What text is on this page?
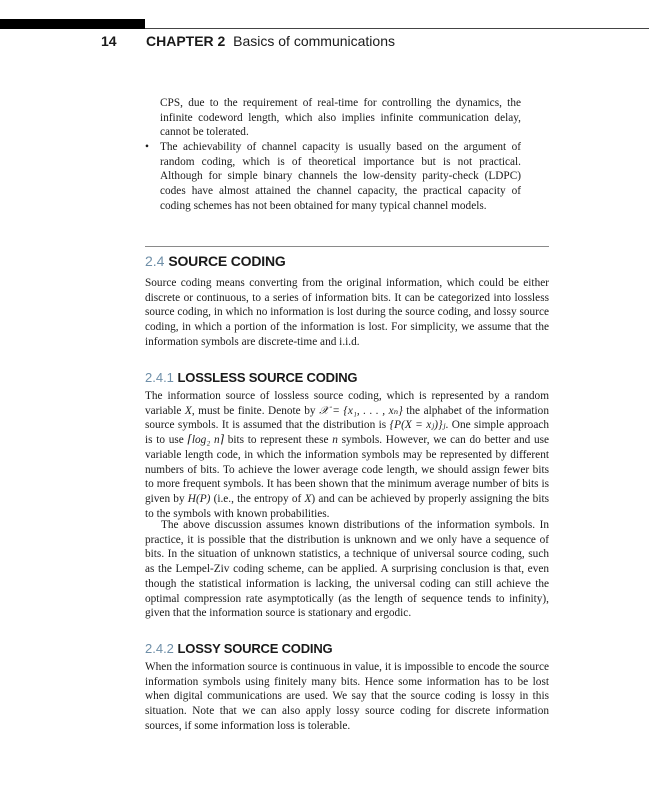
14 CHAPTER 2 Basics of communications

CPS, due to the requirement of real-time for controlling the dynamics, the infinite codeword length, which also implies infinite communication delay, cannot be tolerated.

• The achievability of channel capacity is usually based on the argument of random coding, which is of theoretical importance but is not practical. Although for simple binary channels the low-density parity-check (LDPC) codes have almost attained the channel capacity, the practical capacity of coding schemes has not been obtained for many typical channel models.

2.4 SOURCE CODING

Source coding means converting from the original information, which could be either discrete or continuous, to a series of information bits. It can be categorized into lossless source coding, in which no information is lost during the source coding, and lossy source coding, in which a portion of the information is lost. For simplicity, we assume that the information symbols are discrete-time and i.i.d.

2.4.1 LOSSLESS SOURCE CODING

The information source of lossless source coding, which is represented by a random variable X, must be finite. Denote by 𝒳 = {x₁, . . . , xₙ} the alphabet of the information source symbols. It is assumed that the distribution is {P(X = xⱼ)}ⱼ. One simple approach is to use ⌈log₂ n⌉ bits to represent these n symbols. However, we can do better and use variable length code, in which the information symbols may be represented by different numbers of bits. To achieve the lower average code length, we should assign fewer bits to more frequent symbols. It has been shown that the minimum average number of bits is given by H(P) (i.e., the entropy of X) and can be achieved by properly assigning the bits to the symbols with known probabilities.

The above discussion assumes known distributions of the information symbols. In practice, it is possible that the distribution is unknown and we only have a sequence of bits. In the situation of unknown statistics, a technique of universal source coding, such as the Lempel-Ziv coding scheme, can be applied. A surprising conclusion is that, even though the statistical information is lacking, the universal coding can still achieve the optimal compression rate asymptotically (as the length of sequence tends to infinity), given that the information source is stationary and ergodic.

2.4.2 LOSSY SOURCE CODING

When the information source is continuous in value, it is impossible to encode the source information symbols using finitely many bits. Hence some information has to be lost when digital communications are used. We say that the source coding is lossy in this situation. Note that we can also apply lossy source coding for discrete information sources, if some information loss is tolerable.
